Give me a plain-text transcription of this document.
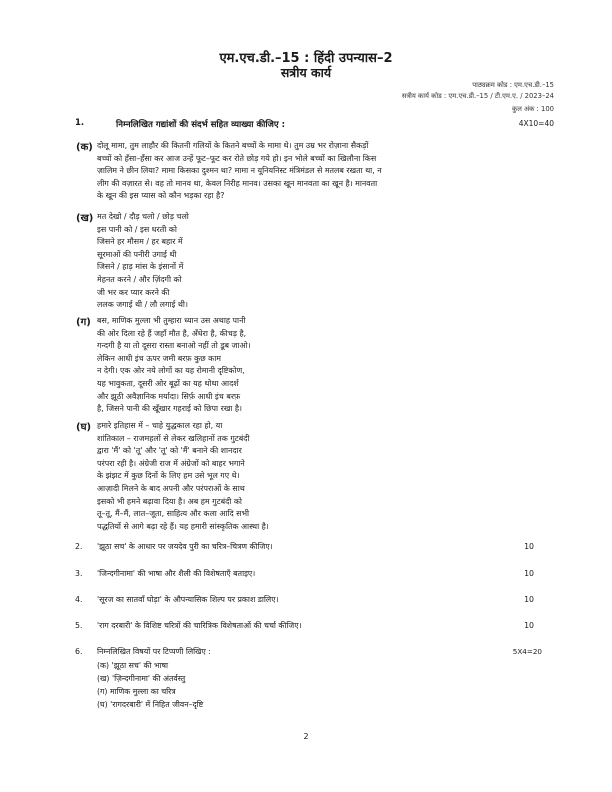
एम.एच.डी.–15 : हिंदी उपन्यास–2
सत्रीय कार्य
पाठ्यक्रम कोड : एम.एच.डी.–15
सत्रीय कार्य कोड : एम.एच.डी.–15 / टी.एम.ए. / 2023–24
कुल अंक : 100
1.	निम्नलिखित गद्यांशों की संदर्भ सहित व्याख्या कीजिए :	4X10=40
(क) दोलू मामा, तुम लाहौर की कितनी गलियों के कितने बच्चों के मामा थे। तुम उम्र भर रोज़ाना सैकड़ों
बच्चों को हँसा–हँसा कर आज उन्हें फूट–फूट कर रोते छोड़ गये हो। इन भोले बच्चों का खिलौना किस
ज़ालिम ने छीन लिया? मामा किसका दुश्मन था? मामा न यूनियनिस्ट मंत्रिमंडल से मतलब रखता था, न
लीग की वज़ारत से। वह तो मानव था, केवल निरीह मानव। उसका खून मानवता का खून है। मानवता
के खून की इस प्यास को कौन भड़का रहा है?
(ख) मत देखो / दौड़ चलो / छोड़ चलो
इस पानी को / इस धरती को
जिसने हर मौसम / हर बहार में
सूरमाओं की पनीरी उगाई थी
जिसने / हाड़ मांस के इंसानों में
मेहनत करने / और ज़िंदगी को
जी भर कर प्यार करने की
ललक जगाई थी / लौ लगाई थी।
(ग) बस, माणिक मुल्ला भी तुम्हारा ध्यान उस अथाह पानी
की ओर दिला रहे हैं जहाँ मौत है, अँधेरा है, कीचड़ है,
गन्दगी है या तो दूसरा रास्ता बनाओ नहीं तो डूब जाओ।
लेकिन आधी इंच ऊपर जमी बरफ़ कुछ काम
न देगी। एक ओर नये लोगों का यह रोमानी दृष्टिकोण,
यह भावुकता, दूसरी ओर बूढ़ों का यह थोथा आदर्श
और झूठी अवैज्ञानिक मर्यादा। सिर्फ़ आधी इंच बरफ़
है, जिसने पानी की खूँखार गहराई को छिपा रखा है।
(घ) हमारे इतिहास में – चाहे युद्धकाल रहा हो, या
शांतिकाल – राजमहलों से लेकर खलिहानों तक गुटबंदी
द्वारा 'मैं' को 'तू' और 'तू' को 'मैं' बनाने की शानदार
परंपरा रही है। अंग्रेजी राज में अंग्रेजों को बाहर भगाने
के झंझट में कुछ दिनों के लिए हम उसे भूल गए थे।
आज़ादी मिलने के बाद अपनी और परंपराओं के साथ
इसको भी हमने बढ़ावा दिया है। अब हम गुटबंदी को
तू–तू, मैं–मैं, लात–जूता, साहित्य और कला आदि सभी
पद्धतियों से आगे बढ़ा रहे हैं। यह हमारी सांस्कृतिक आस्था है।
2. 'झूठा सच' के आधार पर जयदेव पुरी का चरित्र–चित्रण कीजिए।	10
3. 'जिन्दगीनामा' की भाषा और शैली की विशेषताएँ बताइए।	10
4. 'सूरज का सातवाँ घोड़ा' के औपन्यासिक शिल्प पर प्रकाश डालिए।	10
5. 'राग दरबारी' के विशिष्ट चरित्रों की चारित्रिक विशेषताओं की चर्चा कीजिए।	10
6. निम्नलिखित विषयों पर टिप्पणी लिखिए :	5X4=20
(क) 'झूठा सच' की भाषा
(ख) 'ज़िन्दगीनामा' की अंतर्वस्तु
(ग) माणिक मुल्ला का चरित्र
(घ) 'रागदरबारी' में निहित जीवन–दृष्टि
2
